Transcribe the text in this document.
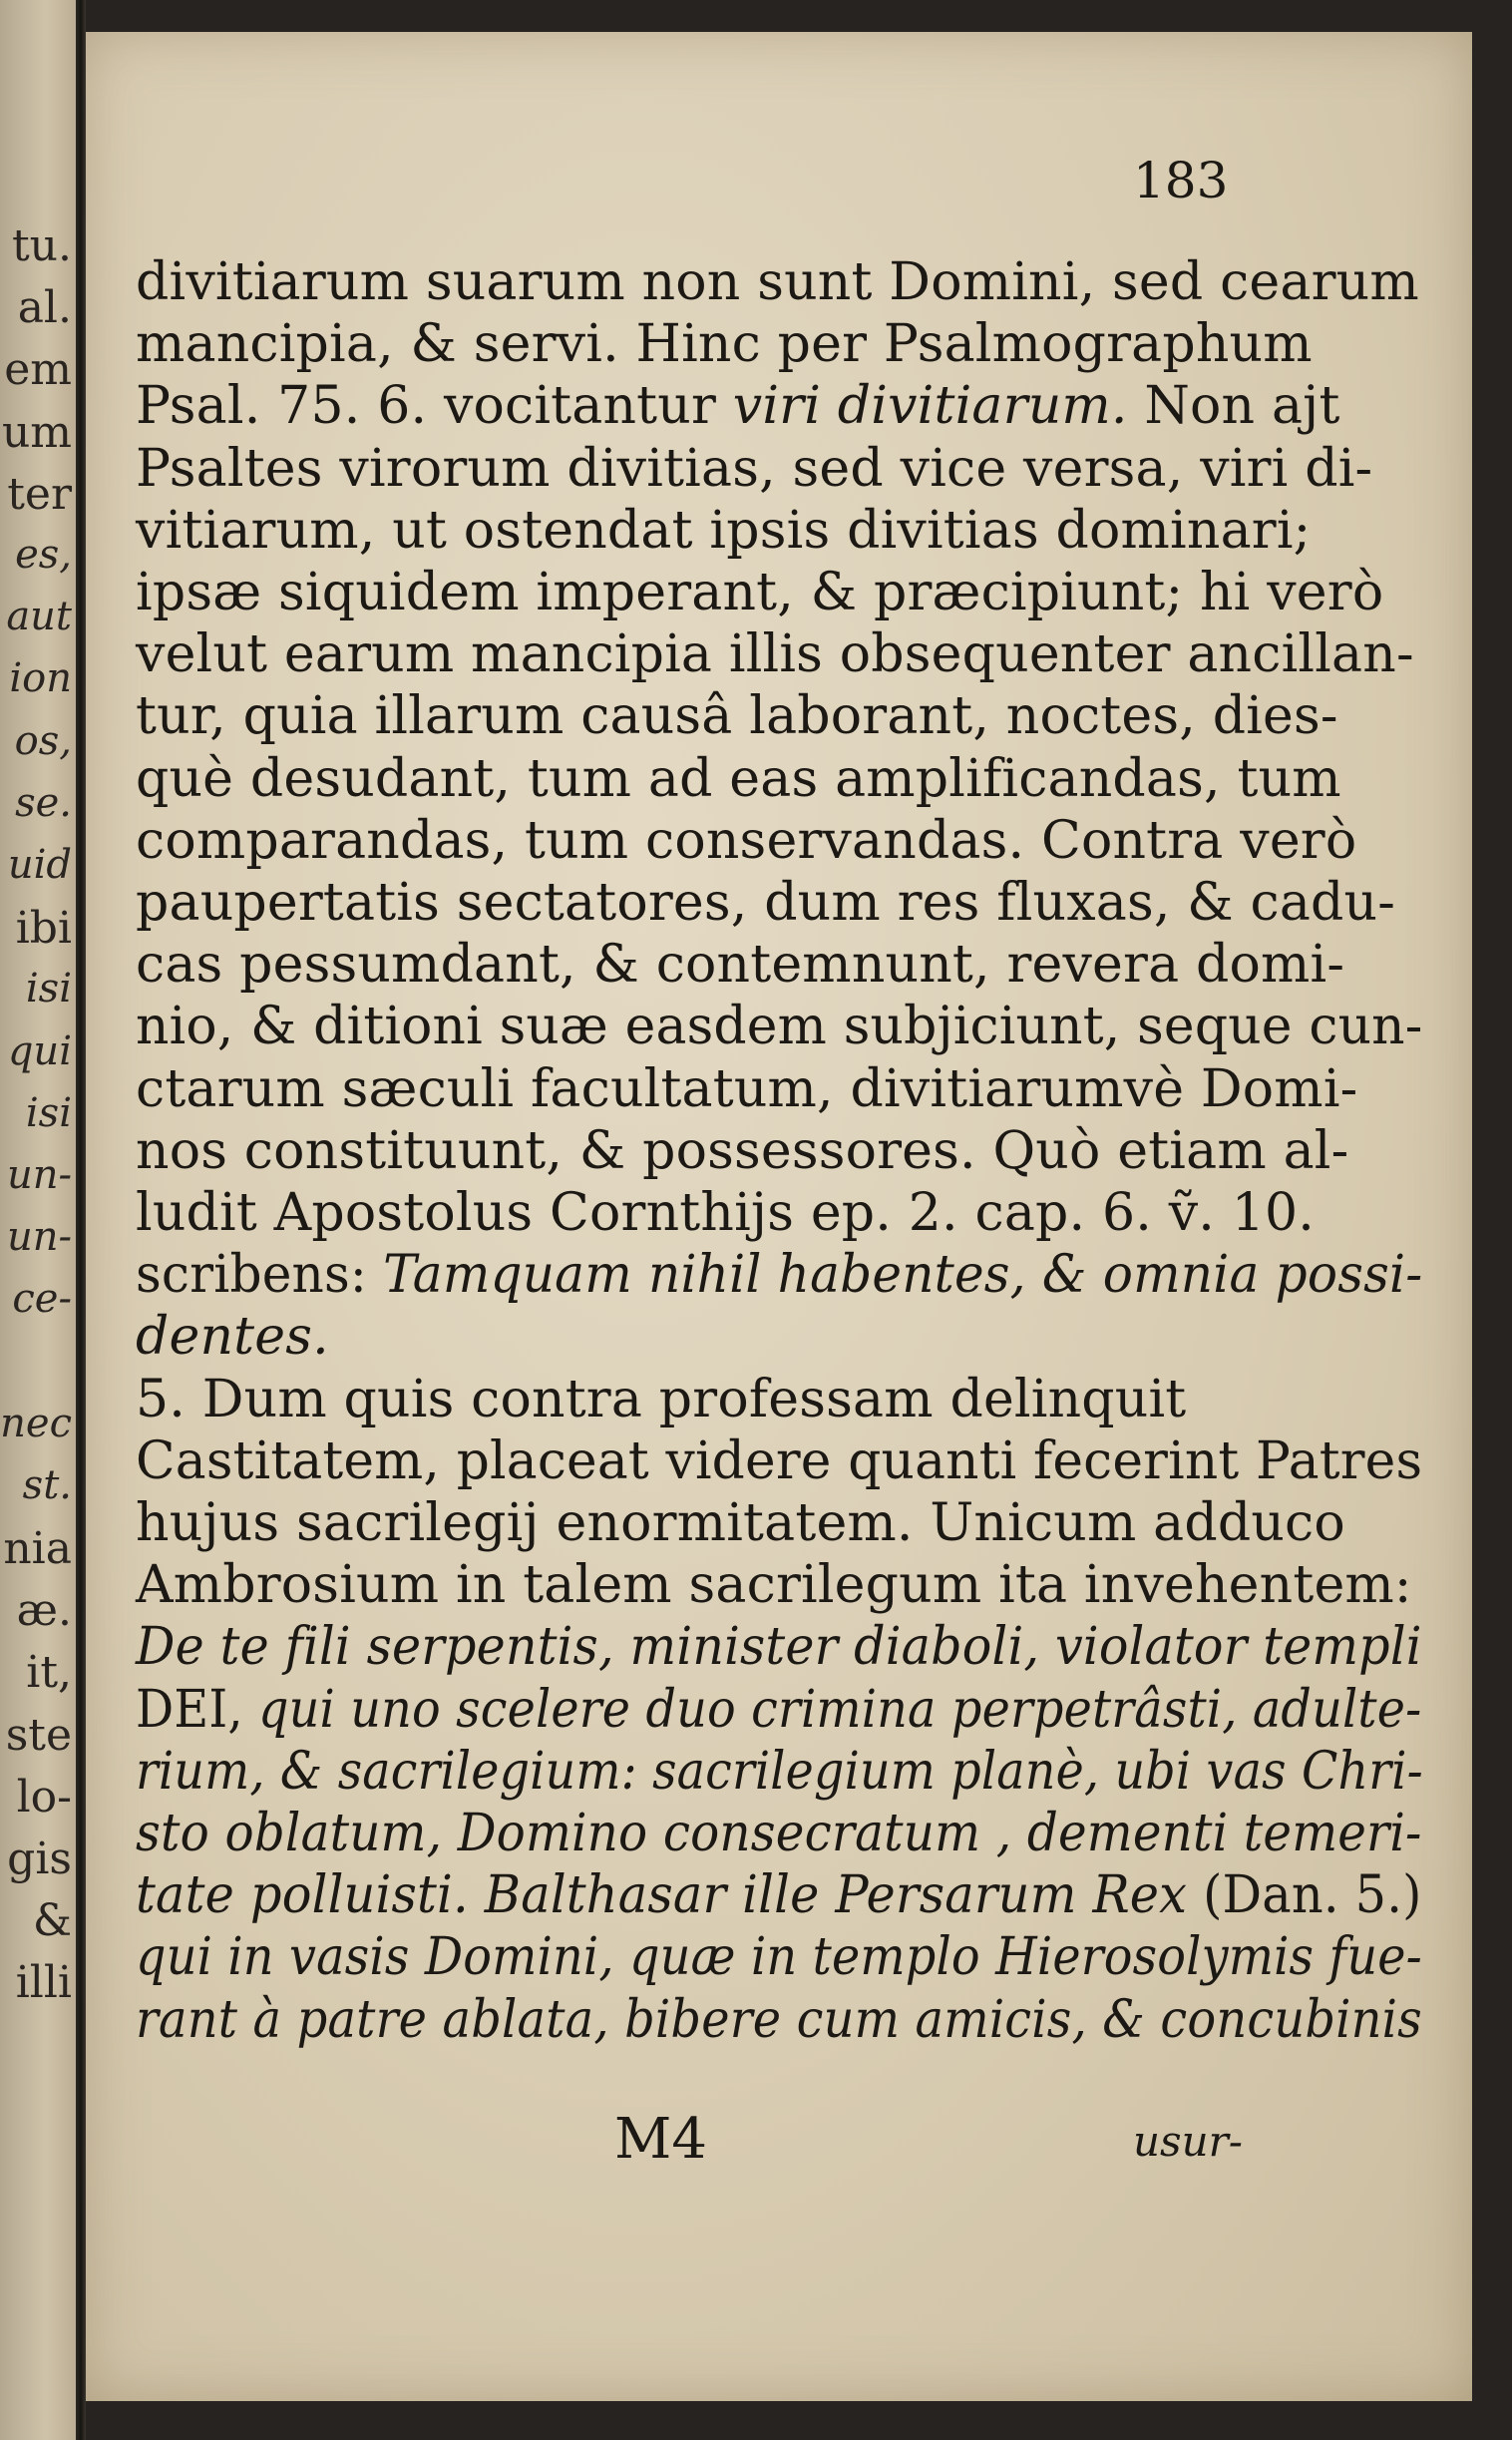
tu.
al.
em
um
ter
es,
aut
ion
os,
se.
uid
ibi
isi
qui
isi
un-
un-
ce-
nec
st.
nia
æ.
it,
ste
lo-
gis
&
illi
183
divitiarum suarum non sunt Domini, sed cearum
mancipia, & servi. Hinc per Psalmographum
Psal. 75. 6. vocitantur viri divitiarum. Non ajt
Psaltes virorum divitias, sed vice versa, viri di-
vitiarum, ut ostendat ipsis divitias dominari;
ipsæ siquidem imperant, & præcipiunt; hi verò
velut earum mancipia illis obsequenter ancillan-
tur, quia illarum causâ laborant, noctes, dies-
què desudant, tum ad eas amplificandas, tum
comparandas, tum conservandas. Contra verò
paupertatis sectatores, dum res fluxas, & cadu-
cas pessumdant, & contemnunt, revera domi-
nio, & ditioni suæ easdem subjiciunt, seque cun-
ctarum sæculi facultatum, divitiarumvè Domi-
nos constituunt, & possessores. Quò etiam al-
ludit Apostolus Cornthijs ep. 2. cap. 6. ṽ. 10.
scribens: Tamquam nihil habentes, & omnia possi-
dentes.
5. Dum quis contra professam delinquit
Castitatem, placeat videre quanti fecerint Patres
hujus sacrilegij enormitatem. Unicum adduco
Ambrosium in talem sacrilegum ita invehentem:
De te fili serpentis, minister diaboli, violator templi
DEI, qui uno scelere duo crimina perpetrâsti, adulte-
rium, & sacrilegium: sacrilegium planè, ubi vas Chri-
sto oblatum, Domino consecratum , dementi temeri-
tate polluisti. Balthasar ille Persarum Rex (Dan. 5.)
qui in vasis Domini, quæ in templo Hierosolymis fue-
rant à patre ablata, bibere cum amicis, & concubinis
M4	usur-
